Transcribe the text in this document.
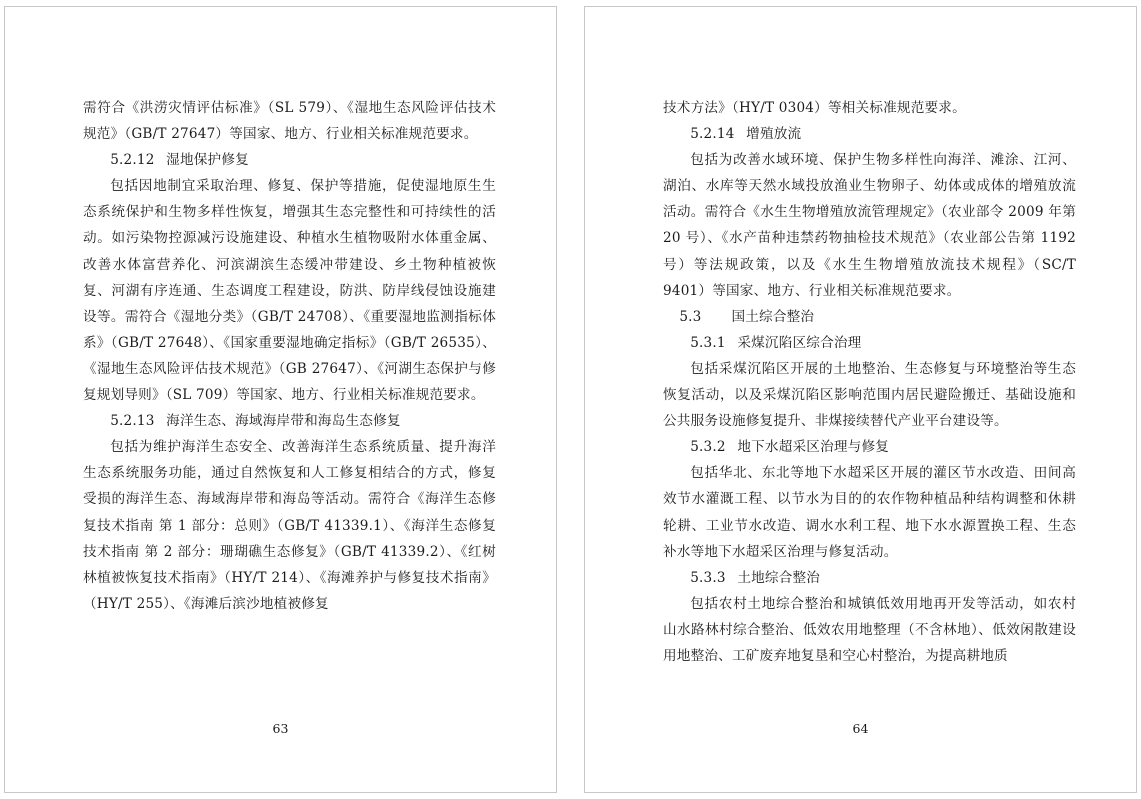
需符合《洪涝灾情评估标准》（SL 579）、《湿地生态风险评估技术规范》（GB/T 27647）等国家、地方、行业相关标准规范要求。

5.2.12 湿地保护修复

包括因地制宜采取治理、修复、保护等措施，促使湿地原生生态系统保护和生物多样性恢复，增强其生态完整性和可持续性的活动。如污染物控源减污设施建设、种植水生植物吸附水体重金属、改善水体富营养化、河滨湖滨生态缓冲带建设、乡土物种植被恢复、河湖有序连通、生态调度工程建设，防洪、防岸线侵蚀设施建设等。需符合《湿地分类》（GB/T 24708）、《重要湿地监测指标体系》（GB/T 27648）、《国家重要湿地确定指标》（GB/T 26535）、《湿地生态风险评估技术规范》（GB 27647）、《河湖生态保护与修复规划导则》（SL 709）等国家、地方、行业相关标准规范要求。

5.2.13 海洋生态、海域海岸带和海岛生态修复

包括为维护海洋生态安全、改善海洋生态系统质量、提升海洋生态系统服务功能，通过自然恢复和人工修复相结合的方式，修复受损的海洋生态、海域海岸带和海岛等活动。需符合《海洋生态修复技术指南 第 1 部分：总则》（GB/T 41339.1）、《海洋生态修复技术指南 第 2 部分：珊瑚礁生态修复》（GB/T 41339.2）、《红树林植被恢复技术指南》（HY/T 214）、《海滩养护与修复技术指南》（HY/T 255）、《海滩后滨沙地植被修复

63

技术方法》（HY/T 0304）等相关标准规范要求。

5.2.14 增殖放流

包括为改善水域环境、保护生物多样性向海洋、滩涂、江河、湖泊、水库等天然水域投放渔业生物卵子、幼体或成体的增殖放流活动。需符合《水生生物增殖放流管理规定》（农业部令 2009 年第 20 号）、《水产苗种违禁药物抽检技术规范》（农业部公告第 1192 号）等法规政策，以及《水生生物增殖放流技术规程》（SC/T 9401）等国家、地方、行业相关标准规范要求。

5.3 国土综合整治

5.3.1 采煤沉陷区综合治理

包括采煤沉陷区开展的土地整治、生态修复与环境整治等生态恢复活动，以及采煤沉陷区影响范围内居民避险搬迁、基础设施和公共服务设施修复提升、非煤接续替代产业平台建设等。

5.3.2 地下水超采区治理与修复

包括华北、东北等地下水超采区开展的灌区节水改造、田间高效节水灌溉工程、以节水为目的的农作物种植品种结构调整和休耕轮耕、工业节水改造、调水水利工程、地下水水源置换工程、生态补水等地下水超采区治理与修复活动。

5.3.3 土地综合整治

包括农村土地综合整治和城镇低效用地再开发等活动，如农村山水路林村综合整治、低效农用地整理（不含林地）、低效闲散建设用地整治、工矿废弃地复垦和空心村整治，为提高耕地质

64
